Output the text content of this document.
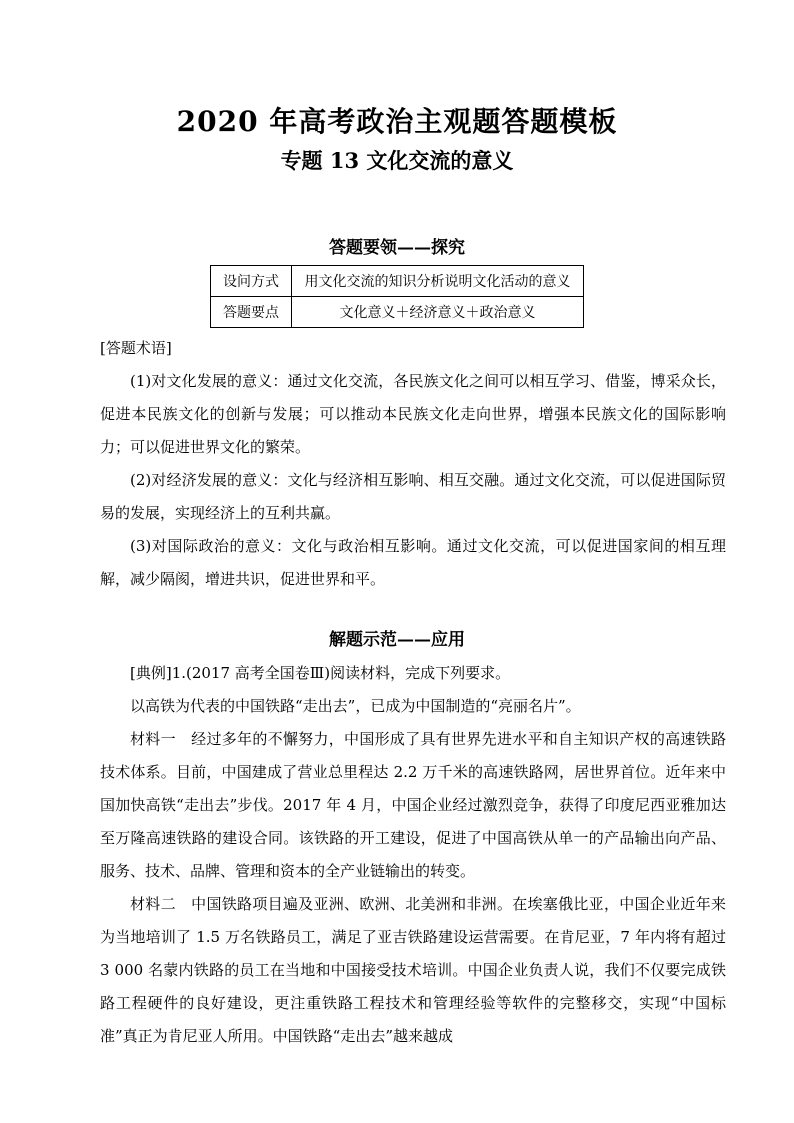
2020 年高考政治主观题答题模板
专题 13 文化交流的意义
答题要领——探究
设问方式	用文化交流的知识分析说明文化活动的意义
答题要点	文化意义＋经济意义＋政治意义
[答题术语]

(1)对文化发展的意义：通过文化交流，各民族文化之间可以相互学习、借鉴，博采众长，促进本民族文化的创新与发展；可以推动本民族文化走向世界，增强本民族文化的国际影响力；可以促进世界文化的繁荣。

(2)对经济发展的意义：文化与经济相互影响、相互交融。通过文化交流，可以促进国际贸易的发展，实现经济上的互利共赢。

(3)对国际政治的意义：文化与政治相互影响。通过文化交流，可以促进国家间的相互理解，减少隔阂，增进共识，促进世界和平。

解题示范——应用

[典例]1.(2017 高考全国卷Ⅲ)阅读材料，完成下列要求。

以高铁为代表的中国铁路“走出去”，已成为中国制造的“亮丽名片”。

材料一　经过多年的不懈努力，中国形成了具有世界先进水平和自主知识产权的高速铁路技术体系。目前，中国建成了营业总里程达 2.2 万千米的高速铁路网，居世界首位。近年来中国加快高铁“走出去”步伐。2017 年 4 月，中国企业经过激烈竞争，获得了印度尼西亚雅加达至万隆高速铁路的建设合同。该铁路的开工建设，促进了中国高铁从单一的产品输出向产品、服务、技术、品牌、管理和资本的全产业链输出的转变。

材料二　中国铁路项目遍及亚洲、欧洲、北美洲和非洲。在埃塞俄比亚，中国企业近年来为当地培训了 1.5 万名铁路员工，满足了亚吉铁路建设运营需要。在肯尼亚，7 年内将有超过 3 000 名蒙内铁路的员工在当地和中国接受技术培训。中国企业负责人说，我们不仅要完成铁路工程硬件的良好建设，更注重铁路工程技术和管理经验等软件的完整移交，实现“中国标准”真正为肯尼亚人所用。中国铁路“走出去”越来越成
